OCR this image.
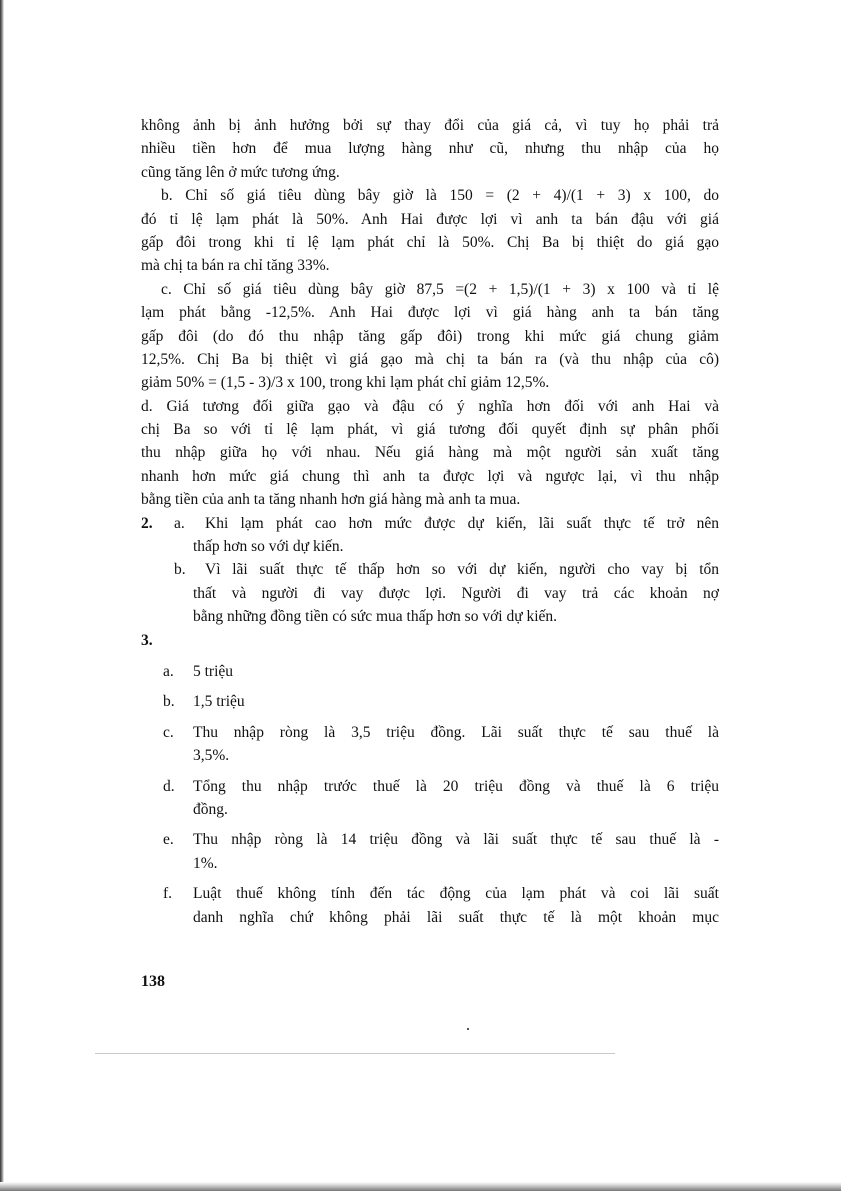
không ảnh bị ảnh hưởng bởi sự thay đổi của giá cả, vì tuy họ phải trả
nhiều tiền hơn để mua lượng hàng như cũ, nhưng thu nhập của họ
cũng tăng lên ở mức tương ứng.
b. Chỉ số giá tiêu dùng bây giờ là 150 = (2 + 4)/(1 + 3) x 100, do
đó tỉ lệ lạm phát là 50%. Anh Hai được lợi vì anh ta bán đậu với giá
gấp đôi trong khi tỉ lệ lạm phát chỉ là 50%. Chị Ba bị thiệt do giá gạo
mà chị ta bán ra chỉ tăng 33%.
c. Chỉ số giá tiêu dùng bây giờ 87,5 =(2 + 1,5)/(1 + 3) x 100 và tỉ lệ
lạm phát bằng -12,5%. Anh Hai được lợi vì giá hàng anh ta bán tăng
gấp đôi (do đó thu nhập tăng gấp đôi) trong khi mức giá chung giảm
12,5%. Chị Ba bị thiệt vì giá gạo mà chị ta bán ra (và thu nhập của cô)
giảm 50% = (1,5 - 3)/3 x 100, trong khi lạm phát chỉ giảm 12,5%.
d. Giá tương đối giữa gạo và đậu có ý nghĩa hơn đối với anh Hai và
chị Ba so với tỉ lệ lạm phát, vì giá tương đối quyết định sự phân phối
thu nhập giữa họ với nhau. Nếu giá hàng mà một người sản xuất tăng
nhanh hơn mức giá chung thì anh ta được lợi và ngược lại, vì thu nhập
bằng tiền của anh ta tăng nhanh hơn giá hàng mà anh ta mua.
2.	a. Khi lạm phát cao hơn mức được dự kiến, lãi suất thực tế trở nên
thấp hơn so với dự kiến.
b. Vì lãi suất thực tế thấp hơn so với dự kiến, người cho vay bị tổn
thất và người đi vay được lợi. Người đi vay trả các khoản nợ
bằng những đồng tiền có sức mua thấp hơn so với dự kiến.
3.
a.	5 triệu
b.	1,5 triệu
c.	Thu nhập ròng là 3,5 triệu đồng. Lãi suất thực tế sau thuế là
3,5%.
d.	Tổng thu nhập trước thuế là 20 triệu đồng và thuế là 6 triệu
đồng.
e.	Thu nhập ròng là 14 triệu đồng và lãi suất thực tế sau thuế là -
1%.
f.	Luật thuế không tính đến tác động của lạm phát và coi lãi suất
danh nghĩa chứ không phải lãi suất thực tế là một khoản mục
138
